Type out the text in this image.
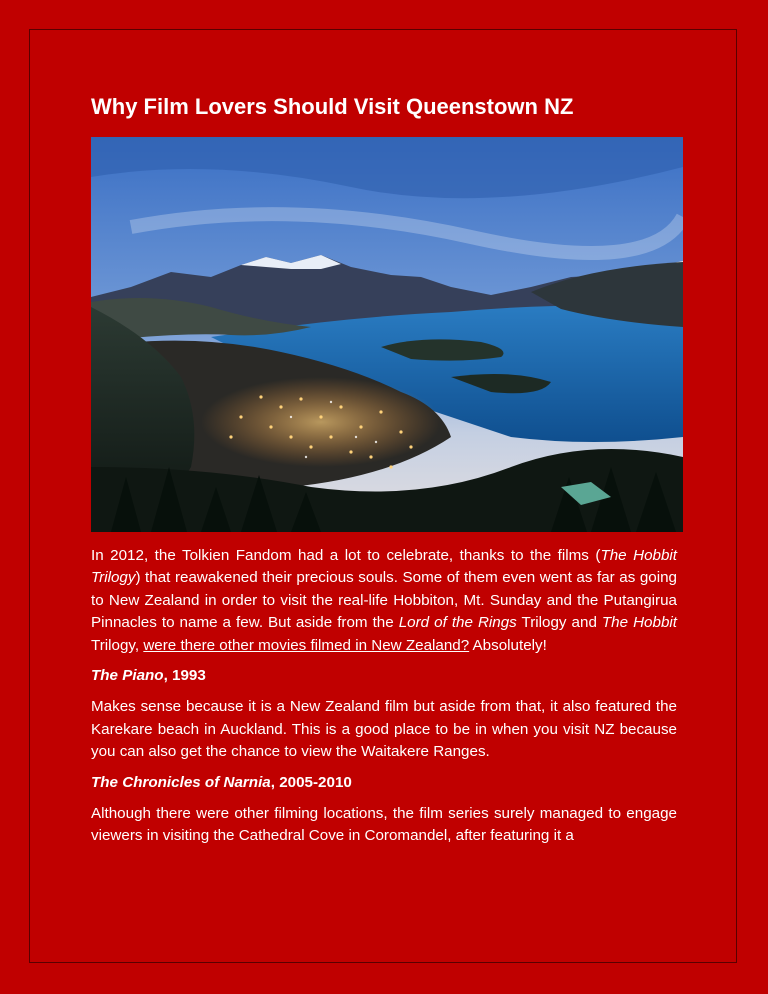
Why Film Lovers Should Visit Queenstown NZ

In 2012, the Tolkien Fandom had a lot to celebrate, thanks to the films (The Hobbit Trilogy) that reawakened their precious souls. Some of them even went as far as going to New Zealand in order to visit the real-life Hobbiton, Mt. Sunday and the Putangirua Pinnacles to name a few. But aside from the Lord of the Rings Trilogy and The Hobbit Trilogy, were there other movies filmed in New Zealand? Absolutely!

The Piano, 1993

Makes sense because it is a New Zealand film but aside from that, it also featured the Karekare beach in Auckland. This is a good place to be in when you visit NZ because you can also get the chance to view the Waitakere Ranges.

The Chronicles of Narnia, 2005-2010

Although there were other filming locations, the film series surely managed to engage viewers in visiting the Cathedral Cove in Coromandel, after featuring it a
